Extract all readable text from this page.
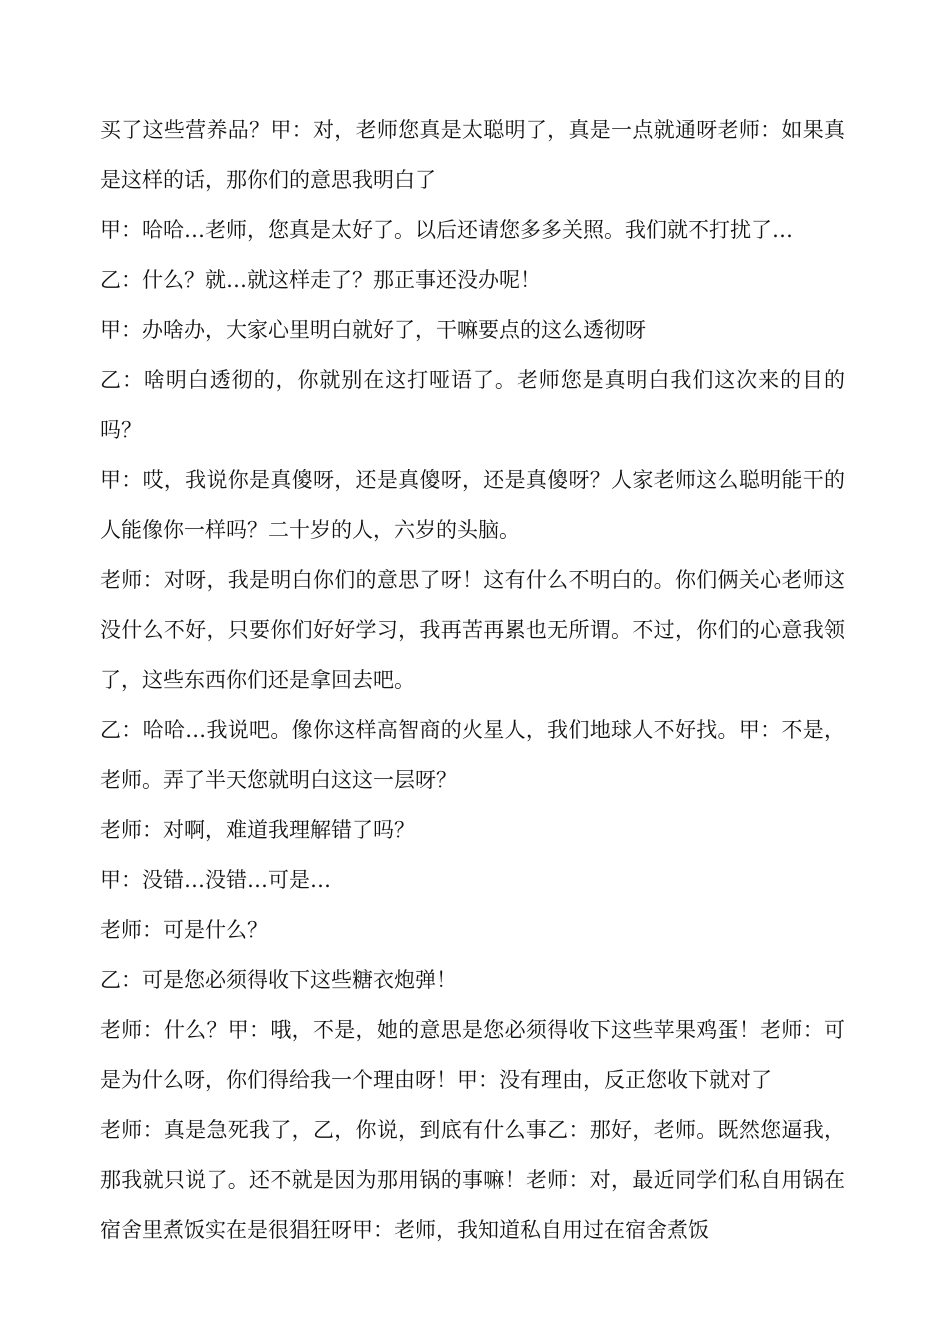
买了这些营养品？甲：对，老师您真是太聪明了，真是一点就通呀老师：如果真是这样的话，那你们的意思我明白了

甲：哈哈…老师，您真是太好了。以后还请您多多关照。我们就不打扰了…

乙：什么？就…就这样走了？那正事还没办呢！

甲：办啥办，大家心里明白就好了，干嘛要点的这么透彻呀

乙：啥明白透彻的，你就别在这打哑语了。老师您是真明白我们这次来的目的吗？

甲：哎，我说你是真傻呀，还是真傻呀，还是真傻呀？人家老师这么聪明能干的人能像你一样吗？二十岁的人，六岁的头脑。

老师：对呀，我是明白你们的意思了呀！这有什么不明白的。你们俩关心老师这没什么不好，只要你们好好学习，我再苦再累也无所谓。不过，你们的心意我领了，这些东西你们还是拿回去吧。

乙：哈哈…我说吧。像你这样高智商的火星人，我们地球人不好找。甲：不是，老师。弄了半天您就明白这这一层呀？

老师：对啊，难道我理解错了吗？

甲：没错…没错…可是…

老师：可是什么？

乙：可是您必须得收下这些糖衣炮弹！

老师：什么？甲：哦，不是，她的意思是您必须得收下这些苹果鸡蛋！老师：可是为什么呀，你们得给我一个理由呀！甲：没有理由，反正您收下就对了

老师：真是急死我了，乙，你说，到底有什么事乙：那好，老师。既然您逼我，那我就只说了。还不就是因为那用锅的事嘛！老师：对，最近同学们私自用锅在宿舍里煮饭实在是很猖狂呀甲：老师，我知道私自用过在宿舍煮饭
